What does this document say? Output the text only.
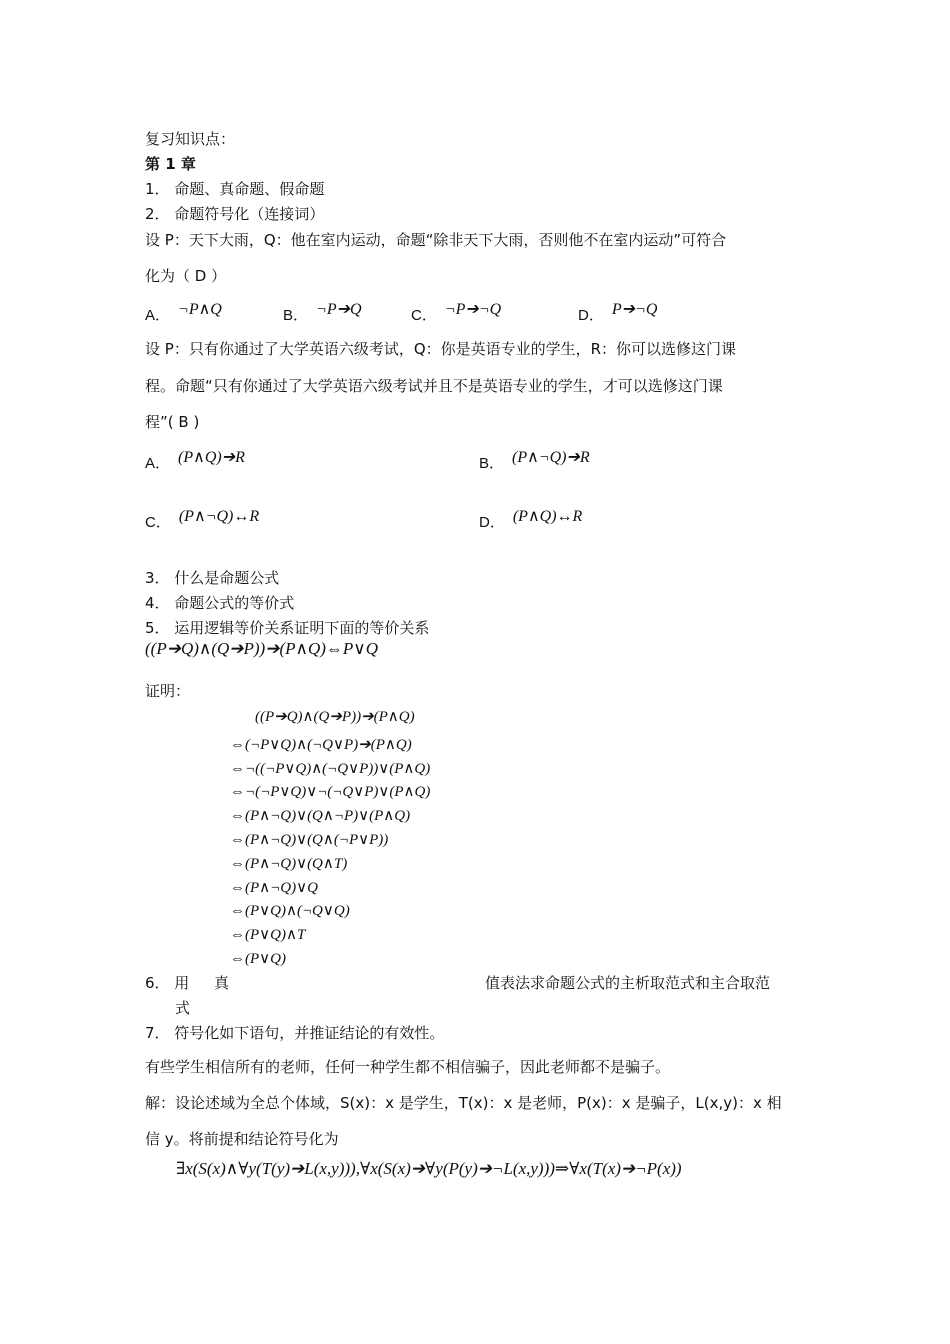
复习知识点：
第 1 章
1． 命题、真命题、假命题
2． 命题符号化（连接词）
设 P：天下大雨，Q：他在室内运动，命题“除非天下大雨，否则他不在室内运动”可符合
化为（ D ）
A． ¬P∧Q	B． ¬P➔Q	C． ¬P➔¬Q	D． P➔¬Q
设 P：只有你通过了大学英语六级考试，Q：你是英语专业的学生，R：你可以选修这门课
程。命题“只有你通过了大学英语六级考试并且不是英语专业的学生，才可以选修这门课
程”( B )
A． (P∧Q)➔R	B． (P∧¬Q)➔R
C． (P∧¬Q)↔R	D． (P∧Q)↔R
3． 什么是命题公式
4． 命题公式的等价式
5． 运用逻辑等价关系证明下面的等价关系
((P➔Q)∧(Q➔P))➔(P∧Q)⇔P∨Q
证明：
((P➔Q)∧(Q➔P))➔(P∧Q)
⇔(¬P∨Q)∧(¬Q∨P)➔(P∧Q)
⇔¬((¬P∨Q)∧(¬Q∨P))∨(P∧Q)
⇔¬(¬P∨Q)∨¬(¬Q∨P)∨(P∧Q)
⇔(P∧¬Q)∨(Q∧¬P)∨(P∧Q)
⇔(P∧¬Q)∨(Q∧(¬P∨P))
⇔(P∧¬Q)∨(Q∧T)
⇔(P∧¬Q)∨Q
⇔(P∨Q)∧(¬Q∨Q)
⇔(P∨Q)∧T
⇔(P∨Q)
6． 用 真	值表法求命题公式的主析取范式和主合取范
式
7． 符号化如下语句，并推证结论的有效性。
有些学生相信所有的老师，任何一种学生都不相信骗子，因此老师都不是骗子。
解：设论述域为全总个体域，S(x)：x 是学生，T(x)：x 是老师，P(x)：x 是骗子，L(x,y)：x 相
信 y。将前提和结论符号化为
∃x(S(x)∧∀y(T(y)➔L(x,y))),∀x(S(x)➔∀y(P(y)➔¬L(x,y)))⇒∀x(T(x)➔¬P(x))
